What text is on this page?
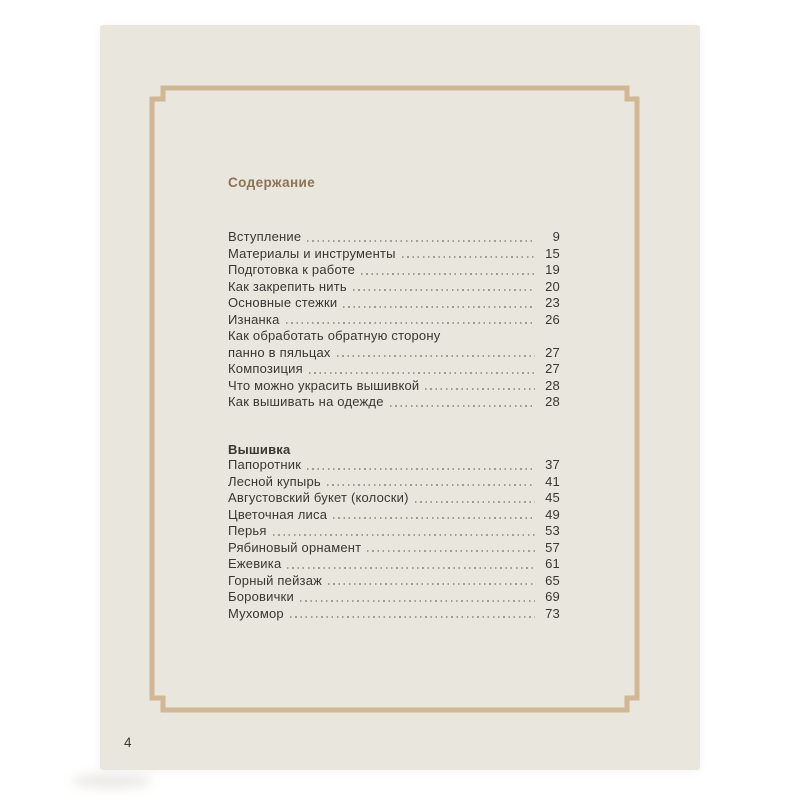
Содержание
Вступление	9
Материалы и инструменты	15
Подготовка к работе	19
Как закрепить нить	20
Основные стежки	23
Изнанка	26
Как обработать обратную сторону
панно в пяльцах	27
Композиция	27
Что можно украсить вышивкой	28
Как вышивать на одежде	28
Вышивка
Папоротник	37
Лесной купырь	41
Августовский букет (колоски)	45
Цветочная лиса	49
Перья	53
Рябиновый орнамент	57
Ежевика	61
Горный пейзаж	65
Боровички	69
Мухомор	73
4
